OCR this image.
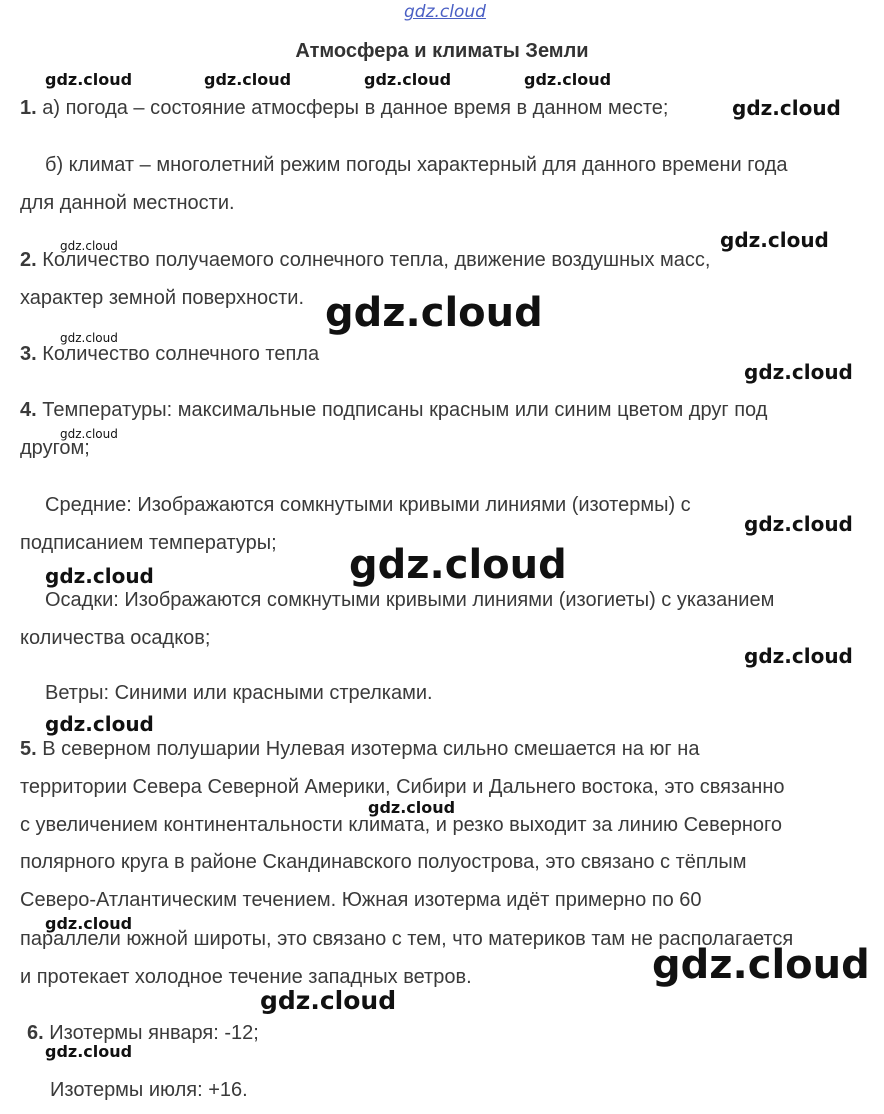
gdz.cloud
gdz.cloud	gdz.cloud	gdz.cloud	gdz.cloud
gdz.cloud
gdz.cloud
gdz.cloud
gdz.cloud
gdz.cloud
gdz.cloud
gdz.cloud
gdz.cloud
gdz.cloud
gdz.cloud
gdz.cloud
gdz.cloud
gdz.cloud
gdz.cloud
gdz.cloud
gdz.cloud
gdz.cloud
Атмосфера и климаты Земли
1. а) погода – состояние атмосферы в данное время в данном месте;
б) климат – многолетний режим погоды характерный для данного времени года
для данной местности.
2. Количество получаемого солнечного тепла, движение воздушных масс,
характер земной поверхности.
3. Количество солнечного тепла
4. Температуры: максимальные подписаны красным или синим цветом друг под
другом;
Средние: Изображаются сомкнутыми кривыми линиями (изотермы) с
подписанием температуры;
Осадки: Изображаются сомкнутыми кривыми линиями (изогиеты) с указанием
количества осадков;
Ветры: Синими или красными стрелками.
5. В северном полушарии Нулевая изотерма сильно смешается на юг на
территории Севера Северной Америки, Сибири и Дальнего востока, это связанно
с увеличением континентальности климата, и резко выходит за линию Северного
полярного круга в районе Скандинавского полуострова, это связано с тёплым
Северо-Атлантическим течением. Южная изотерма идёт примерно по 60
параллели южной широты, это связано с тем, что материков там не располагается
и протекает холодное течение западных ветров.
6. Изотермы января: -12;
Изотермы июля: +16.
